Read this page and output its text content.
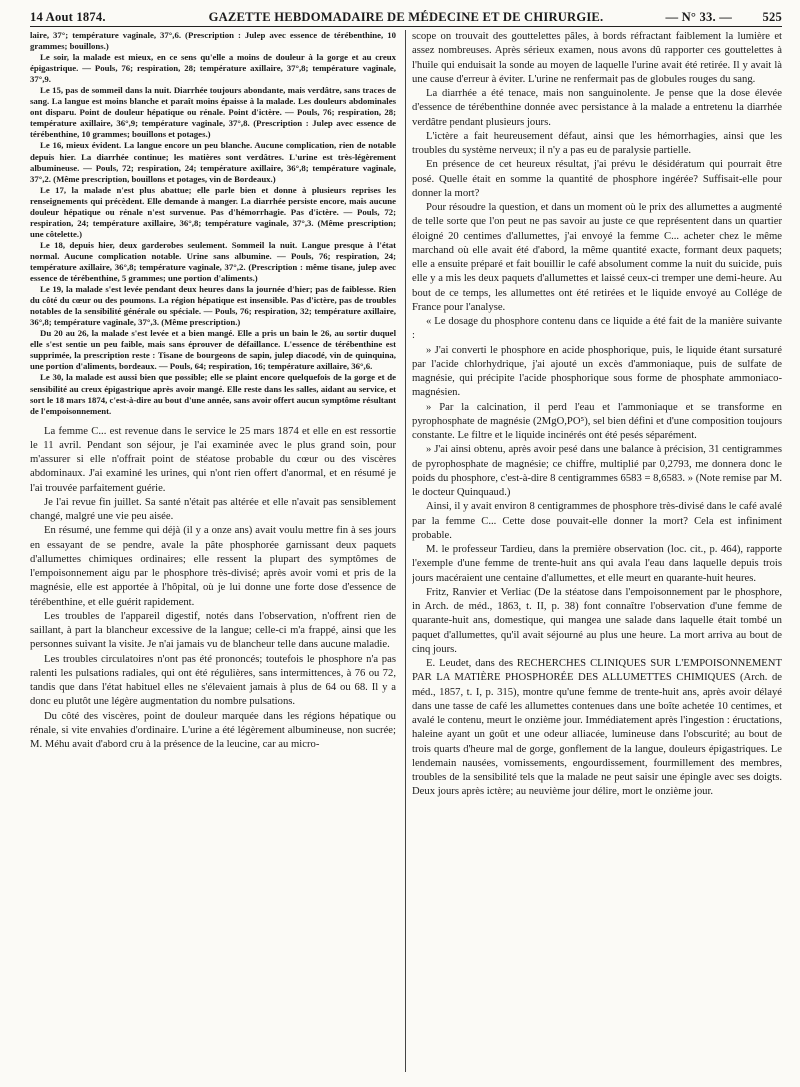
14 Aout 1874.	GAZETTE HEBDOMADAIRE DE MÉDECINE ET DE CHIRURGIE.	— N° 33. — 525

laire, 37°; température vaginale, 37°,6. (Prescription : Julep avec essence de térébenthine, 10 grammes; bouillons.)

Le soir, la malade est mieux, en ce sens qu'elle a moins de douleur à la gorge et au creux épigastrique. — Pouls, 76; respiration, 28; température axillaire, 37°,8; température vaginale, 37°,9.

Le 15, pas de sommeil dans la nuit. Diarrhée toujours abondante, mais verdâtre, sans traces de sang. La langue est moins blanche et paraît moins épaisse à la malade. Les douleurs abdominales ont disparu. Point de douleur hépatique ou rénale. Point d'ictère. — Pouls, 76; respiration, 28; température axillaire, 36°,9; température vaginale, 37°,8. (Prescription : Julep avec essence de térébenthine, 10 grammes; bouillons et potages.)

Le 16, mieux évident. La langue encore un peu blanche. Aucune complication, rien de notable depuis hier. La diarrhée continue; les matières sont verdâtres. L'urine est très-légèrement albumineuse. — Pouls, 72; respiration, 24; température axillaire, 36°,8; température vaginale, 37°,2. (Même prescription, bouillons et potages, vin de Bordeaux.)

Le 17, la malade n'est plus abattue; elle parle bien et donne à plusieurs reprises les renseignements qui précèdent. Elle demande à manger. La diarrhée persiste encore, mais aucune douleur hépatique ou rénale n'est survenue. Pas d'hémorrhagie. Pas d'ictère. — Pouls, 72; respiration, 24; température axillaire, 36°,8; température vaginale, 37°,3. (Même prescription; une côtelette.)

Le 18, depuis hier, deux garderobes seulement. Sommeil la nuit. Langue presque à l'état normal. Aucune complication notable. Urine sans albumine. — Pouls, 76; respiration, 24; température axillaire, 36°,8; température vaginale, 37°,2. (Prescription : même tisane, julep avec essence de térébenthine, 5 grammes; une portion d'aliments.)

Le 19, la malade s'est levée pendant deux heures dans la journée d'hier; pas de faiblesse. Rien du côté du cœur ou des poumons. La région hépatique est insensible. Pas d'ictère, pas de troubles notables de la sensibilité générale ou spéciale. — Pouls, 76; respiration, 32; température axillaire, 36°,8; température vaginale, 37°,3. (Même prescription.)

Du 20 au 26, la malade s'est levée et a bien mangé. Elle a pris un bain le 26, au sortir duquel elle s'est sentie un peu faible, mais sans éprouver de défaillance. L'essence de térébenthine est supprimée, la prescription reste : Tisane de bourgeons de sapin, julep diacodé, vin de quinquina, une portion d'aliments, bordeaux. — Pouls, 64; respiration, 16; température axillaire, 36°,6.

Le 30, la malade est aussi bien que possible; elle se plaint encore quelquefois de la gorge et de sensibilité au creux épigastrique après avoir mangé. Elle reste dans les salles, aidant au service, et sort le 18 mars 1874, c'est-à-dire au bout d'une année, sans avoir offert aucun symptôme résultant de l'empoisonnement.

La femme C... est revenue dans le service le 25 mars 1874 et elle en est ressortie le 11 avril. Pendant son séjour, je l'ai examinée avec le plus grand soin, pour m'assurer si elle n'offrait point de stéatose probable du cœur ou des viscères abdominaux. J'ai examiné les urines, qui n'ont rien offert d'anormal, et en résumé je l'ai trouvée parfaitement guérie.

Je l'ai revue fin juillet. Sa santé n'était pas altérée et elle n'avait pas sensiblement changé, malgré une vie peu aisée.

En résumé, une femme qui déjà (il y a onze ans) avait voulu mettre fin à ses jours en essayant de se pendre, avale la pâte phosphorée garnissant deux paquets d'allumettes chimiques ordinaires; elle ressent la plupart des symptômes de l'empoisonnement aigu par le phosphore très-divisé; après avoir vomi et pris de la magnésie, elle est apportée à l'hôpital, où je lui donne une forte dose d'essence de térébenthine, et elle guérit rapidement.

Les troubles de l'appareil digestif, notés dans l'observation, n'offrent rien de saillant, à part la blancheur excessive de la langue; celle-ci m'a frappé, ainsi que les personnes suivant la visite. Je n'ai jamais vu de blancheur telle dans aucune maladie.

Les troubles circulatoires n'ont pas été prononcés; toutefois le phosphore n'a pas ralenti les pulsations radiales, qui ont été régulières, sans intermittences, à 76 ou 72, tandis que dans l'état habituel elles ne s'élevaient jamais à plus de 64 ou 68. Il y a donc eu plutôt une légère augmentation du nombre pulsations.

Du côté des viscères, point de douleur marquée dans les régions hépatique ou rénale, si vite envahies d'ordinaire. L'urine a été légèrement albumineuse, non sucrée; M. Méhu avait d'abord cru à la présence de la leucine, car au micro-

scope on trouvait des gouttelettes pâles, à bords réfractant faiblement la lumière et assez nombreuses. Après sérieux examen, nous avons dû rapporter ces gouttelettes à l'huile qui enduisait la sonde au moyen de laquelle l'urine avait été retirée. Il y avait là une cause d'erreur à éviter. L'urine ne renfermait pas de globules rouges du sang.

La diarrhée a été tenace, mais non sanguinolente. Je pense que la dose élevée d'essence de térébenthine donnée avec persistance à la malade a entretenu la diarrhée verdâtre pendant plusieurs jours.

L'ictère a fait heureusement défaut, ainsi que les hémorrhagies, ainsi que les troubles du système nerveux; il n'y a pas eu de paralysie partielle.

En présence de cet heureux résultat, j'ai prévu le désidératum qui pourrait être posé. Quelle était en somme la quantité de phosphore ingérée? Suffisait-elle pour donner la mort?

Pour résoudre la question, et dans un moment où le prix des allumettes a augmenté de telle sorte que l'on peut ne pas savoir au juste ce que représentent dans un quartier éloigné 20 centimes d'allumettes, j'ai envoyé la femme C... acheter chez le même marchand où elle avait été d'abord, la même quantité exacte, formant deux paquets; elle a ensuite préparé et fait bouillir le café absolument comme la nuit du suicide, puis elle y a mis les deux paquets d'allumettes et laissé ceux-ci tremper une demi-heure. Au bout de ce temps, les allumettes ont été retirées et le liquide envoyé au Collége de France pour l'analyse.

« Le dosage du phosphore contenu dans ce liquide a été fait de la manière suivante :

» J'ai converti le phosphore en acide phosphorique, puis, le liquide étant sursaturé par l'acide chlorhydrique, j'ai ajouté un excès d'ammoniaque, puis de sulfate de magnésie, qui précipite l'acide phosphorique sous forme de phosphate ammoniaco-magnésien.

» Par la calcination, il perd l'eau et l'ammoniaque et se transforme en pyrophosphate de magnésie (2MgO,PO⁵), sel bien défini et d'une composition toujours constante. Le filtre et le liquide incinérés ont été pesés séparément.

» J'ai ainsi obtenu, après avoir pesé dans une balance à précision, 31 centigrammes de pyrophosphate de magnésie; ce chiffre, multiplié par 0,2793, me donnera donc le poids du phosphore, c'est-à-dire 8 centigrammes 6583 = 8,6583. » (Note remise par M. le docteur Quinquaud.)

Ainsi, il y avait environ 8 centigrammes de phosphore très-divisé dans le café avalé par la femme C... Cette dose pouvait-elle donner la mort? Cela est infiniment probable.

M. le professeur Tardieu, dans la première observation (loc. cit., p. 464), rapporte l'exemple d'une femme de trente-huit ans qui avala l'eau dans laquelle depuis trois jours macéraient une centaine d'allumettes, et elle meurt en quarante-huit heures.

Fritz, Ranvier et Verliac (De la stéatose dans l'empoisonnement par le phosphore, in Arch. de méd., 1863, t. II, p. 38) font connaître l'observation d'une femme de quarante-huit ans, domestique, qui mangea une salade dans laquelle était tombé un paquet d'allumettes, qu'il avait séjourné au plus une heure. La mort arriva au bout de cinq jours.

E. Leudet, dans des RECHERCHES CLINIQUES SUR L'EMPOISONNEMENT PAR LA MATIÈRE PHOSPHORÉE DES ALLUMETTES CHIMIQUES (Arch. de méd., 1857, t. I, p. 315), montre qu'une femme de trente-huit ans, après avoir délayé dans une tasse de café les allumettes contenues dans une boîte achetée 10 centimes, et avalé le contenu, meurt le onzième jour. Immédiatement après l'ingestion : éructations, haleine ayant un goût et une odeur alliacée, lumineuse dans l'obscurité; au bout de trois quarts d'heure mal de gorge, gonflement de la langue, douleurs épigastriques. Le lendemain nausées, vomissements, engourdissement, fourmillement des membres, troubles de la sensibilité tels que la malade ne peut saisir une épingle avec ses doigts. Deux jours après ictère; au neuvième jour délire, mort le onzième jour.
